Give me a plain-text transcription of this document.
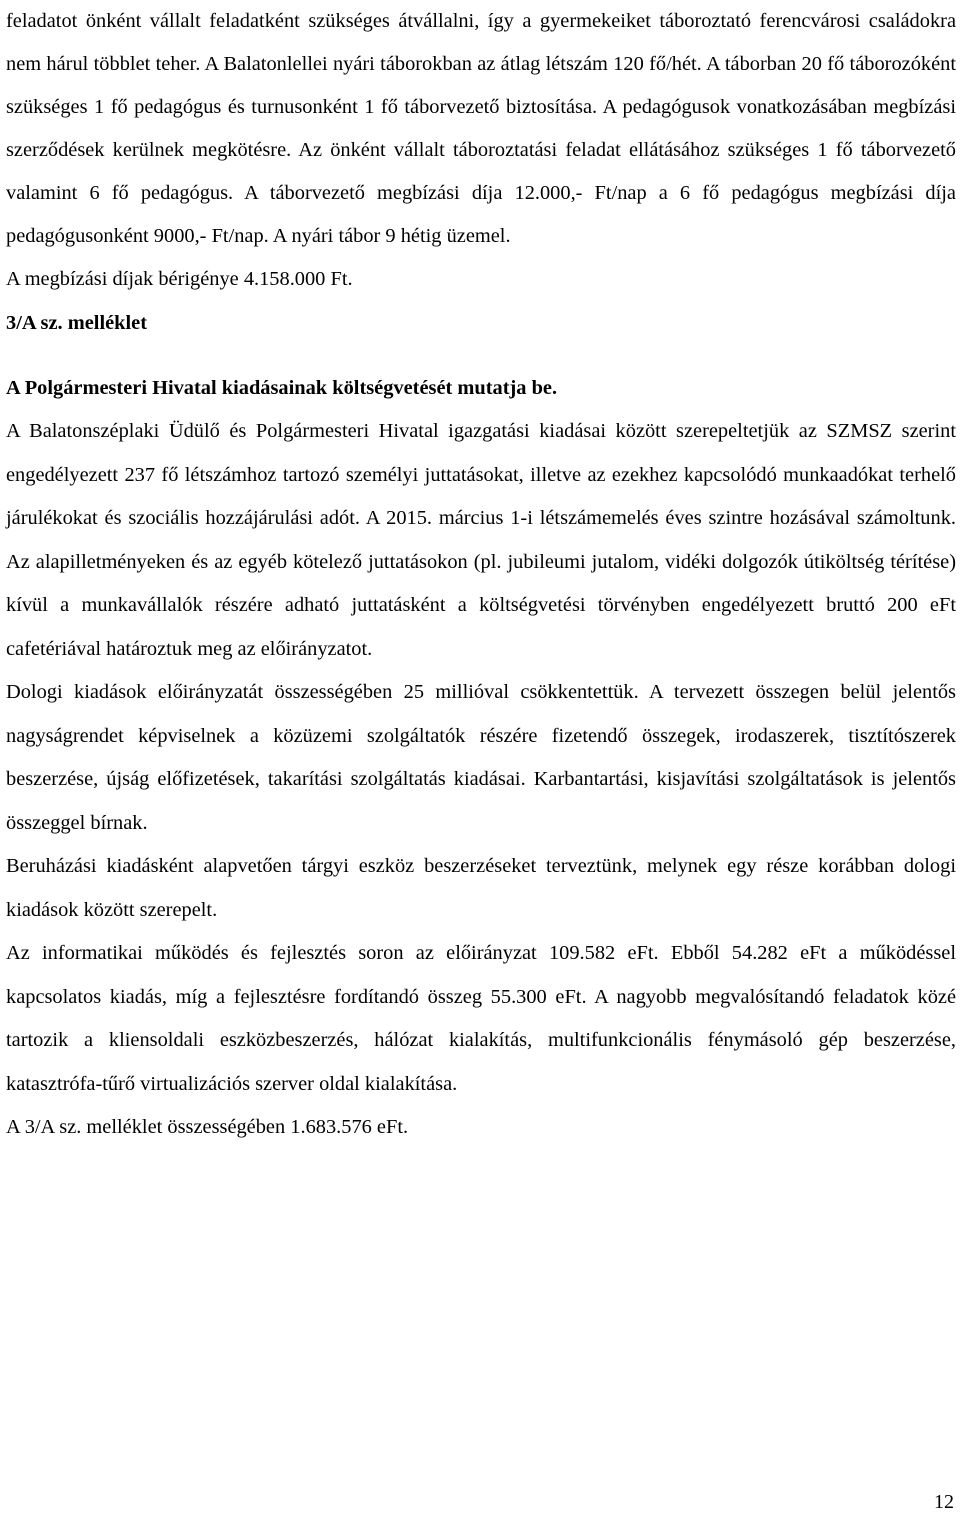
feladatot önként vállalt feladatként szükséges átvállalni, így a gyermekeiket táboroztató ferencvárosi családokra nem hárul többlet teher. A Balatonlellei nyári táborokban az átlag létszám 120 fő/hét. A táborban 20 fő táborozóként szükséges 1 fő pedagógus és turnusonként 1 fő táborvezető biztosítása. A pedagógusok vonatkozásában megbízási szerződések kerülnek megkötésre. Az önként vállalt táboroztatási feladat ellátásához szükséges 1 fő táborvezető valamint 6 fő pedagógus. A táborvezető megbízási díja 12.000,- Ft/nap a 6 fő pedagógus megbízási díja pedagógusonként 9000,- Ft/nap. A nyári tábor 9 hétig üzemel.

A megbízási díjak bérigénye 4.158.000 Ft.

3/A sz. melléklet

A Polgármesteri Hivatal kiadásainak költségvetését mutatja be.

A Balatonszéplaki Üdülő és Polgármesteri Hivatal igazgatási kiadásai között szerepeltetjük az SZMSZ szerint engedélyezett 237 fő létszámhoz tartozó személyi juttatásokat, illetve az ezekhez kapcsolódó munkaadókat terhelő járulékokat és szociális hozzájárulási adót. A 2015. március 1-i létszámemelés éves szintre hozásával számoltunk. Az alapilletményeken és az egyéb kötelező juttatásokon (pl. jubileumi jutalom, vidéki dolgozók útiköltség térítése) kívül a munkavállalók részére adható juttatásként a költségvetési törvényben engedélyezett bruttó 200 eFt cafetériával határoztuk meg az előirányzatot.

Dologi kiadások előirányzatát összességében 25 millióval csökkentettük. A tervezett összegen belül jelentős nagyságrendet képviselnek a közüzemi szolgáltatók részére fizetendő összegek, irodaszerek, tisztítószerek beszerzése, újság előfizetések, takarítási szolgáltatás kiadásai. Karbantartási, kisjavítási szolgáltatások is jelentős összeggel bírnak.

Beruházási kiadásként alapvetően tárgyi eszköz beszerzéseket terveztünk, melynek egy része korábban dologi kiadások között szerepelt.

Az informatikai működés és fejlesztés soron az előirányzat 109.582 eFt. Ebből 54.282 eFt a működéssel kapcsolatos kiadás, míg a fejlesztésre fordítandó összeg 55.300 eFt. A nagyobb megvalósítandó feladatok közé tartozik a kliensoldali eszközbeszerzés, hálózat kialakítás, multifunkcionális fénymásoló gép beszerzése, katasztrófa-tűrő virtualizációs szerver oldal kialakítása.

A 3/A sz. melléklet összességében 1.683.576 eFt.

12
